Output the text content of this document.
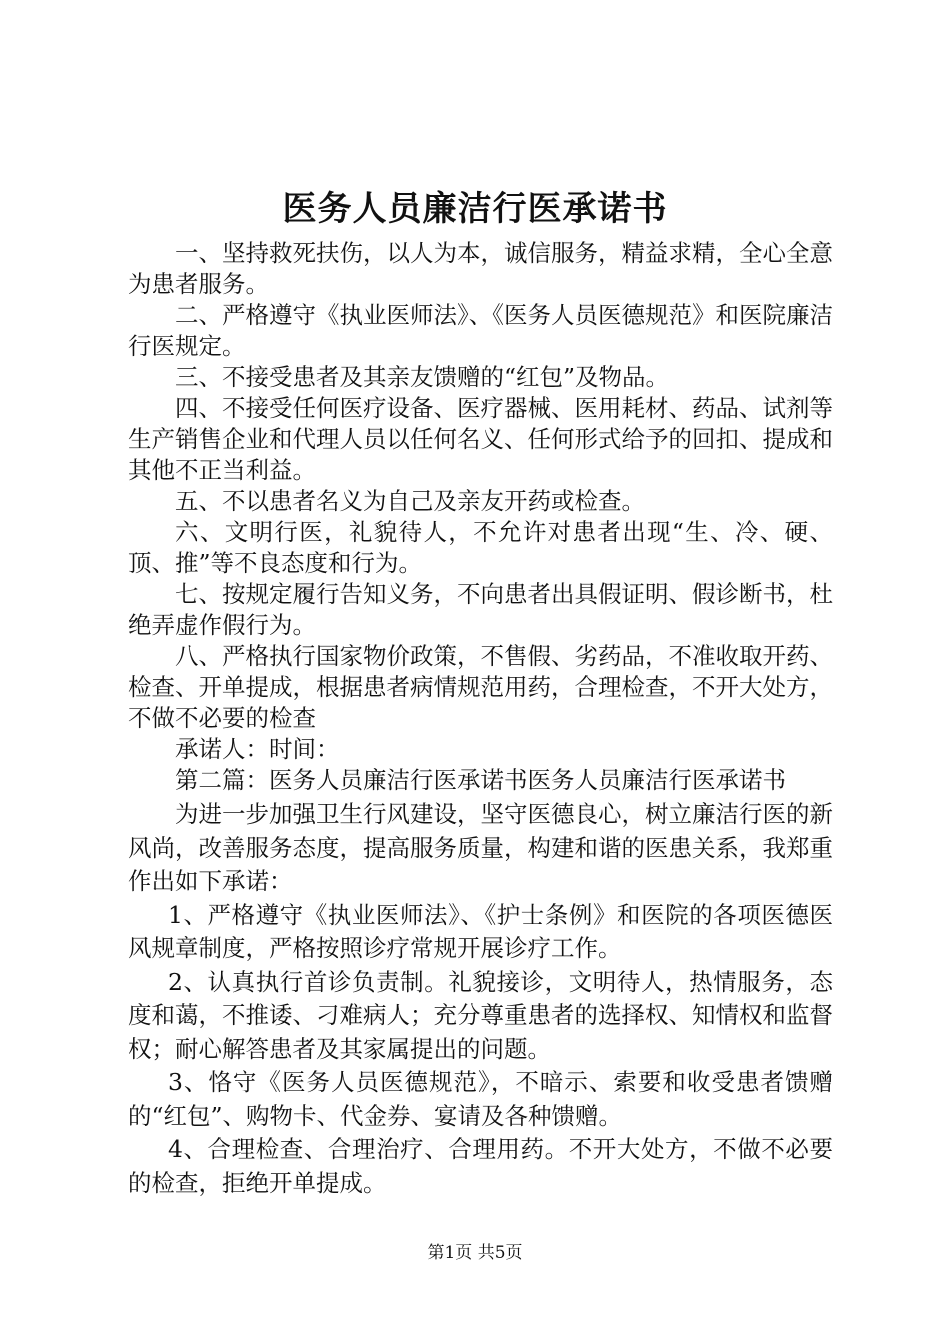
医务人员廉洁行医承诺书

一、坚持救死扶伤，以人为本，诚信服务，精益求精，全心全意为患者服务。

二、严格遵守《执业医师法》、《医务人员医德规范》和医院廉洁行医规定。

三、不接受患者及其亲友馈赠的“红包”及物品。

四、不接受任何医疗设备、医疗器械、医用耗材、药品、试剂等生产销售企业和代理人员以任何名义、任何形式给予的回扣、提成和其他不正当利益。

五、不以患者名义为自己及亲友开药或检查。

六、文明行医，礼貌待人，不允许对患者出现“生、冷、硬、顶、推”等不良态度和行为。

七、按规定履行告知义务，不向患者出具假证明、假诊断书，杜绝弄虚作假行为。

八、严格执行国家物价政策，不售假、劣药品，不准收取开药、检查、开单提成，根据患者病情规范用药，合理检查，不开大处方，不做不必要的检查

承诺人：时间：

第二篇：医务人员廉洁行医承诺书医务人员廉洁行医承诺书

为进一步加强卫生行风建设，坚守医德良心，树立廉洁行医的新风尚，改善服务态度，提高服务质量，构建和谐的医患关系，我郑重作出如下承诺：

1、严格遵守《执业医师法》、《护士条例》和医院的各项医德医风规章制度，严格按照诊疗常规开展诊疗工作。

2、认真执行首诊负责制。礼貌接诊，文明待人，热情服务，态度和蔼，不推诿、刁难病人；充分尊重患者的选择权、知情权和监督权；耐心解答患者及其家属提出的问题。

3、恪守《医务人员医德规范》，不暗示、索要和收受患者馈赠的“红包”、购物卡、代金券、宴请及各种馈赠。

4、合理检查、合理治疗、合理用药。不开大处方，不做不必要的检查，拒绝开单提成。

第1页 共5页
